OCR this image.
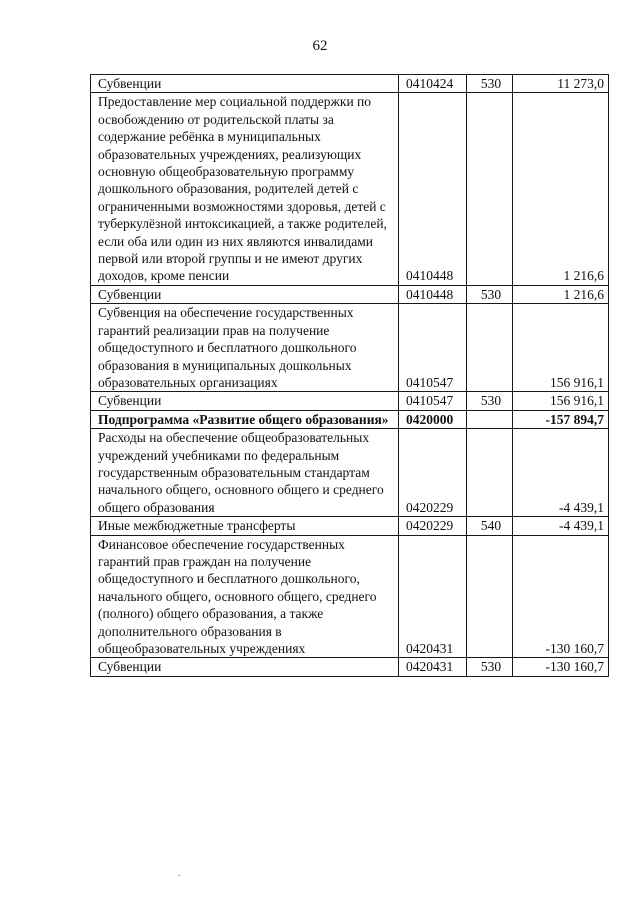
62
Субвенции	0410424	530	11 273,0
Предоставление мер социальной поддержки по освобождению от родительской платы за содержание ребёнка в муниципальных образовательных учреждениях, реализующих основную общеобразовательную программу дошкольного образования, родителей детей с ограниченными возможностями здоровья, детей с туберкулёзной интоксикацией, а также родителей, если оба или один из них являются инвалидами первой или второй группы и не имеют других доходов, кроме пенсии	0410448		1 216,6
Субвенции	0410448	530	1 216,6
Субвенция на обеспечение государственных гарантий реализации прав на получение общедоступного и бесплатного дошкольного образования в муниципальных дошкольных образовательных организациях	0410547		156 916,1
Субвенции	0410547	530	156 916,1
Подпрограмма «Развитие общего образования»	0420000		-157 894,7
Расходы на обеспечение общеобразовательных учреждений учебниками по федеральным государственным образовательным стандартам начального общего, основного общего и среднего общего образования	0420229		-4 439,1
Иные межбюджетные трансферты	0420229	540	-4 439,1
Финансовое обеспечение государственных гарантий прав граждан на получение общедоступного и бесплатного дошкольного, начального общего, основного общего, среднего (полного) общего образования, а также дополнительного образования в общеобразовательных учреждениях	0420431		-130 160,7
Субвенции	0420431	530	-130 160,7
.
